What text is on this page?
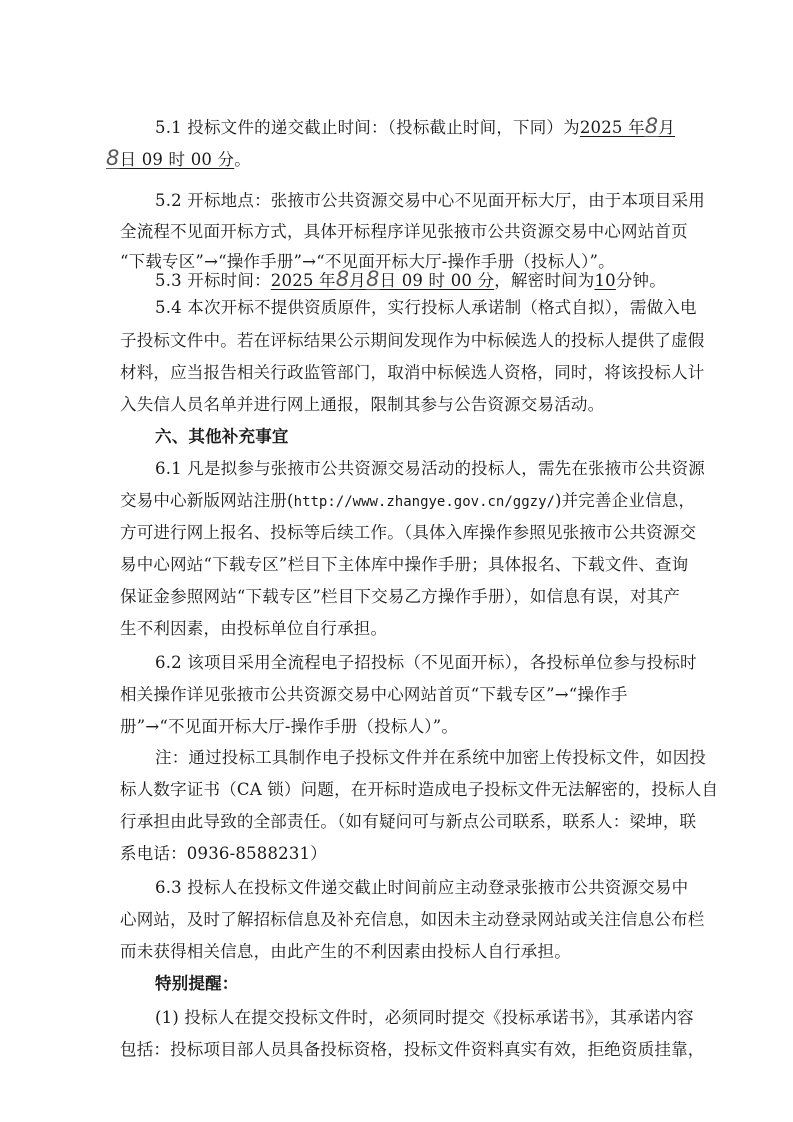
5.1 投标文件的递交截止时间：（投标截止时间，下同）为2025 年8月
8日 09 时 00 分。
5.2 开标地点：张掖市公共资源交易中心不见面开标大厅，由于本项目采用
全流程不见面开标方式，具体开标程序详见张掖市公共资源交易中心网站首页
“下载专区”→“操作手册”→“不见面开标大厅-操作手册（投标人）”。
5.3 开标时间：2025 年8月8日 09 时 00 分，解密时间为10分钟。
5.4 本次开标不提供资质原件，实行投标人承诺制（格式自拟），需做入电
子投标文件中。若在评标结果公示期间发现作为中标候选人的投标人提供了虚假
材料，应当报告相关行政监管部门，取消中标候选人资格，同时，将该投标人计
入失信人员名单并进行网上通报，限制其参与公告资源交易活动。
六、其他补充事宜
6.1 凡是拟参与张掖市公共资源交易活动的投标人，需先在张掖市公共资源
交易中心新版网站注册(http://www.zhangye.gov.cn/ggzy/)并完善企业信息，
方可进行网上报名、投标等后续工作。（具体入库操作参照见张掖市公共资源交
易中心网站“下载专区”栏目下主体库中操作手册；具体报名、下载文件、查询
保证金参照网站“下载专区”栏目下交易乙方操作手册），如信息有误，对其产
生不利因素，由投标单位自行承担。
6.2 该项目采用全流程电子招投标（不见面开标），各投标单位参与投标时
相关操作详见张掖市公共资源交易中心网站首页“下载专区”→“操作手
册”→“不见面开标大厅-操作手册（投标人）”。
注：通过投标工具制作电子投标文件并在系统中加密上传投标文件，如因投
标人数字证书（CA 锁）问题，在开标时造成电子投标文件无法解密的，投标人自
行承担由此导致的全部责任。（如有疑问可与新点公司联系，联系人：梁坤，联
系电话：0936-8588231）
6.3 投标人在投标文件递交截止时间前应主动登录张掖市公共资源交易中
心网站，及时了解招标信息及补充信息，如因未主动登录网站或关注信息公布栏
而未获得相关信息，由此产生的不利因素由投标人自行承担。
特别提醒：
(1) 投标人在提交投标文件时，必须同时提交《投标承诺书》，其承诺内容
包括：投标项目部人员具备投标资格，投标文件资料真实有效，拒绝资质挂靠，
